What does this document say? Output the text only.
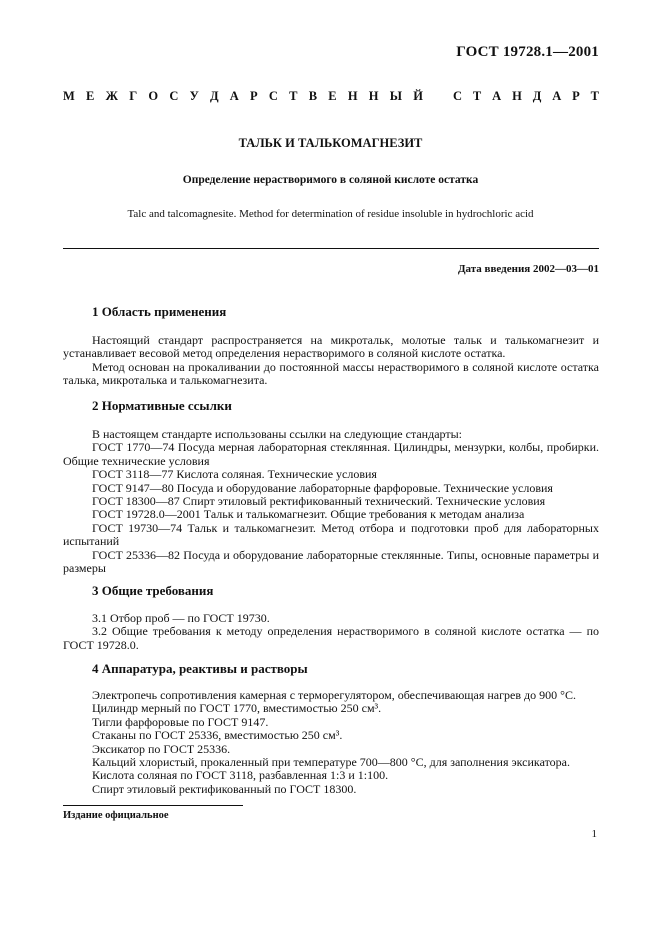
ГОСТ 19728.1—2001
М Е Ж Г О С У Д А Р С Т В Е Н Н Ы Й С Т А Н Д А Р Т
ТАЛЬК И ТАЛЬКОМАГНЕЗИТ
Определение нерастворимого в соляной кислоте остатка
Talc and talcomagnesite. Method for determination of residue insoluble in hydrochloric acid
Дата введения 2002—03—01
1 Область применения

Настоящий стандарт распространяется на микротальк, молотые тальк и талькомагнезит и устанавливает весовой метод определения нерастворимого в соляной кислоте остатка.

Метод основан на прокаливании до постоянной массы нерастворимого в соляной кислоте остатка талька, микроталька и талькомагнезита.

2 Нормативные ссылки

В настоящем стандарте использованы ссылки на следующие стандарты:

ГОСТ 1770—74 Посуда мерная лабораторная стеклянная. Цилиндры, мензурки, колбы, пробирки. Общие технические условия

ГОСТ 3118—77 Кислота соляная. Технические условия

ГОСТ 9147—80 Посуда и оборудование лабораторные фарфоровые. Технические условия

ГОСТ 18300—87 Спирт этиловый ректификованный технический. Технические условия

ГОСТ 19728.0—2001 Тальк и талькомагнезит. Общие требования к методам анализа

ГОСТ 19730—74 Тальк и талькомагнезит. Метод отбора и подготовки проб для лабораторных испытаний

ГОСТ 25336—82 Посуда и оборудование лабораторные стеклянные. Типы, основные параметры и размеры

3 Общие требования

3.1 Отбор проб — по ГОСТ 19730.

3.2 Общие требования к методу определения нерастворимого в соляной кислоте остатка — по ГОСТ 19728.0.

4 Аппаратура, реактивы и растворы

Электропечь сопротивления камерная с терморегулятором, обеспечивающая нагрев до 900 °С.

Цилиндр мерный по ГОСТ 1770, вместимостью 250 см³.

Тигли фарфоровые по ГОСТ 9147.

Стаканы по ГОСТ 25336, вместимостью 250 см³.

Эксикатор по ГОСТ 25336.

Кальций хлористый, прокаленный при температуре 700—800 °С, для заполнения эксикатора.

Кислота соляная по ГОСТ 3118, разбавленная 1:3 и 1:100.

Спирт этиловый ректификованный по ГОСТ 18300.

Издание официальное
1
